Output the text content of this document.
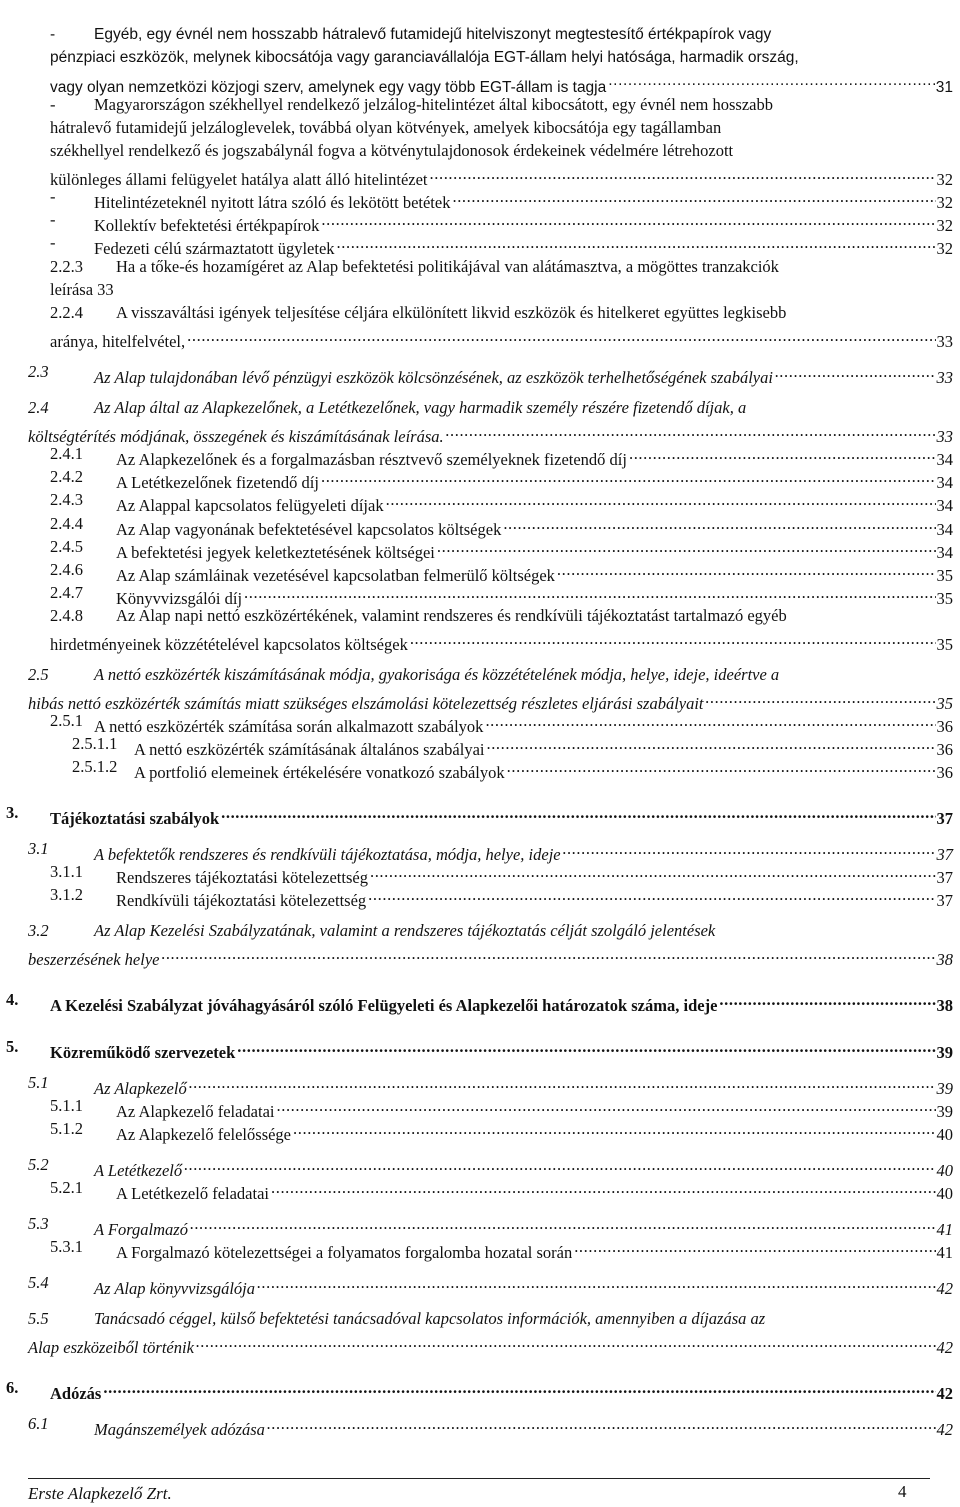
-	Egyéb, egy évnél nem hosszabb hátralevő futamidejű hitelviszonyt megtestesítő értékpapírok vagy
pénzpiaci eszközök, melynek kibocsátója vagy garanciavállalója EGT-állam helyi hatósága, harmadik ország,
vagy olyan nemzetközi közjogi szerv, amelynek egy vagy több EGT-állam is tagja .....	31
- Magyarországon székhellyel rendelkező jelzálog-hitelintézet által kibocsátott, egy évnél nem hosszabb
hátralevő futamidejű jelzáloglevelek, továbbá olyan kötvények, amelyek kibocsátója egy tagállamban
székhellyel rendelkező és jogszabálynál fogva a kötvénytulajdonosok érdekeinek védelmére létrehozott
különleges állami felügyelet hatálya alatt álló hitelintézet .....	32
- Hitelintézeteknél nyitott látra szóló és lekötött betétek .....	32
- Kollektív befektetési értékpapírok .....	32
- Fedezeti célú származtatott ügyletek .....	32
2.2.3 Ha a tőke-és hozamígéret az Alap befektetési politikájával van alátámasztva, a mögöttes tranzakciók
leírása 33
2.2.4 A visszaváltási igények teljesítése céljára elkülönített likvid eszközök és hitelkeret együttes legkisebb
aránya, hitelfelvétel, .....	33
2.3	Az Alap tulajdonában lévő pénzügyi eszközök kölcsönzésének, az eszközök terhelhetőségének szabályai .....	33
2.4	Az Alap által az Alapkezelőnek, a Letétkezelőnek, vagy harmadik személy részére fizetendő díjak, a
költségtérítés módjának, összegének és kiszámításának leírása. .....	33
2.4.1 Az Alapkezelőnek és a forgalmazásban résztvevő személyeknek fizetendő díj .....	34
2.4.2 A Letétkezelőnek fizetendő díj .....	34
2.4.3 Az Alappal kapcsolatos felügyeleti díjak .....	34
2.4.4 Az Alap vagyonának befektetésével kapcsolatos költségek .....	34
2.4.5 A befektetési jegyek keletkeztetésének költségei .....	34
2.4.6 Az Alap számláinak vezetésével kapcsolatban felmerülő költségek .....	35
2.4.7 Könyvvizsgálói díj .....	35
2.4.8 Az Alap napi nettó eszközértékének, valamint rendszeres és rendkívüli tájékoztatást tartalmazó egyéb
hirdetményeinek közzétételével kapcsolatos költségek .....	35
2.5	A nettó eszközérték kiszámításának módja, gyakorisága és közzétételének módja, helye, ideje, ideértve a
hibás nettó eszközérték számítás miatt szükséges elszámolási kötelezettség részletes eljárási szabályait .....	35
2.5.1 A nettó eszközérték számítása során alkalmazott szabályok .....	36
2.5.1.1 A nettó eszközérték számításának általános szabályai .....	36
2.5.1.2 A portfolió elemeinek értékelésére vonatkozó szabályok .....	36
3. Tájékoztatási szabályok .....	37
3.1	A befektetők rendszeres és rendkívüli tájékoztatása, módja, helye, ideje .....	37
3.1.1 Rendszeres tájékoztatási kötelezettség .....	37
3.1.2 Rendkívüli tájékoztatási kötelezettség .....	37
3.2	Az Alap Kezelési Szabályzatának, valamint a rendszeres tájékoztatás célját szolgáló jelentések
beszerzésének helye .....	38
4. A Kezelési Szabályzat jóváhagyásáról szóló Felügyeleti és Alapkezelői határozatok száma, ideje .....	38
5. Közreműködő szervezetek .....	39
5.1	Az Alapkezelő .....	39
5.1.1 Az Alapkezelő feladatai .....	39
5.1.2 Az Alapkezelő felelőssége .....	40
5.2	A Letétkezelő .....	40
5.2.1 A Letétkezelő feladatai .....	40
5.3	A Forgalmazó .....	41
5.3.1 A Forgalmazó kötelezettségei a folyamatos forgalomba hozatal során .....	41
5.4	Az Alap könyvvizsgálója .....	42
5.5	Tanácsadó céggel, külső befektetési tanácsadóval kapcsolatos információk, amennyiben a díjazása az
Alap eszközeiből történik .....	42
6. Adózás .....	42
6.1	Magánszemélyek adózása .....	42
Erste Alapkezelő Zrt.	4
